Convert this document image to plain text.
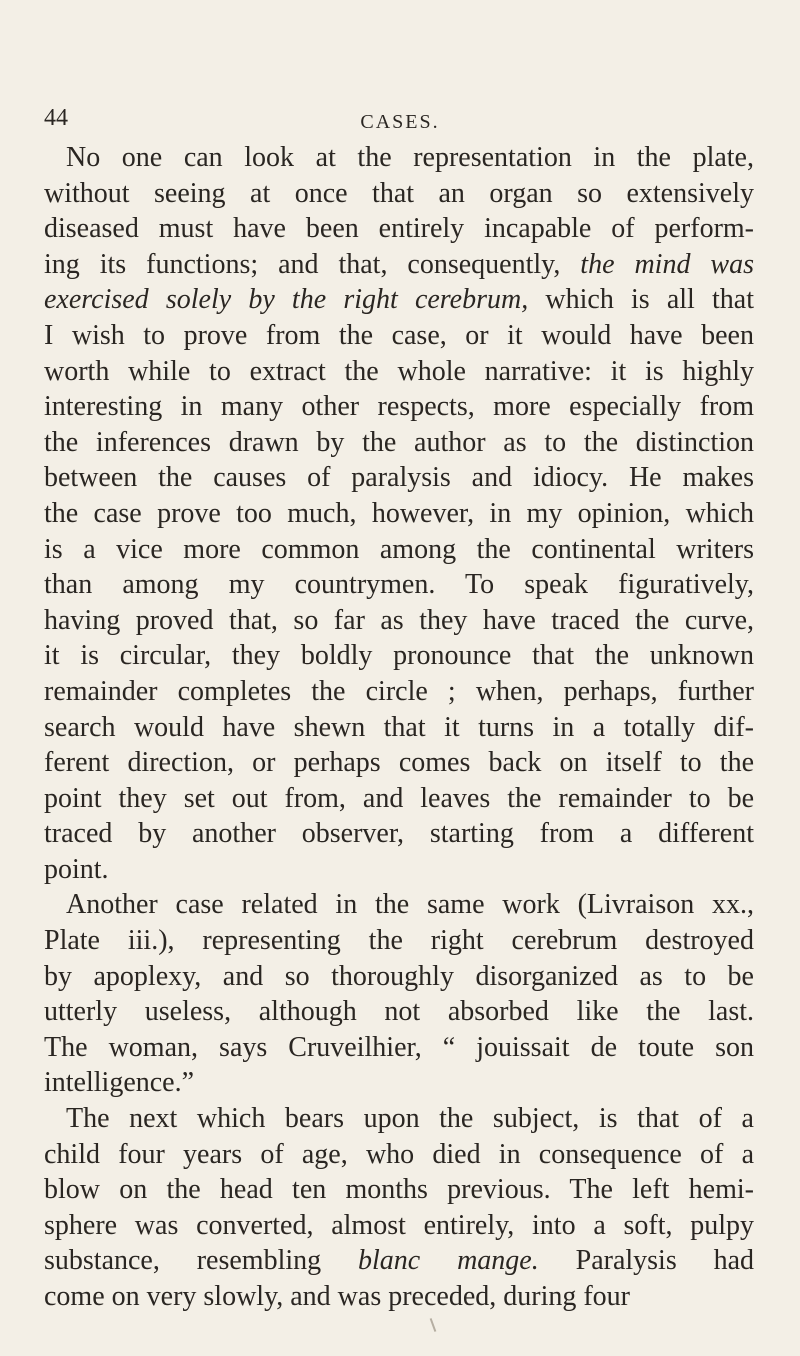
44	CASES.
No one can look at the representation in the plate,
without seeing at once that an organ so extensively
diseased must have been entirely incapable of perform-
ing its functions; and that, consequently, the mind was
exercised solely by the right cerebrum, which is all that
I wish to prove from the case, or it would have been
worth while to extract the whole narrative: it is highly
interesting in many other respects, more especially from
the inferences drawn by the author as to the distinction
between the causes of paralysis and idiocy. He makes
the case prove too much, however, in my opinion, which
is a vice more common among the continental writers
than among my countrymen. To speak figuratively,
having proved that, so far as they have traced the curve,
it is circular, they boldly pronounce that the unknown
remainder completes the circle ; when, perhaps, further
search would have shewn that it turns in a totally dif-
ferent direction, or perhaps comes back on itself to the
point they set out from, and leaves the remainder to be
traced by another observer, starting from a different
point.
Another case related in the same work (Livraison xx.,
Plate iii.), representing the right cerebrum destroyed
by apoplexy, and so thoroughly disorganized as to be
utterly useless, although not absorbed like the last.
The woman, says Cruveilhier, “ jouissait de toute son
intelligence.”
The next which bears upon the subject, is that of a
child four years of age, who died in consequence of a
blow on the head ten months previous. The left hemi-
sphere was converted, almost entirely, into a soft, pulpy
substance, resembling blanc mange. Paralysis had
come on very slowly, and was preceded, during four
